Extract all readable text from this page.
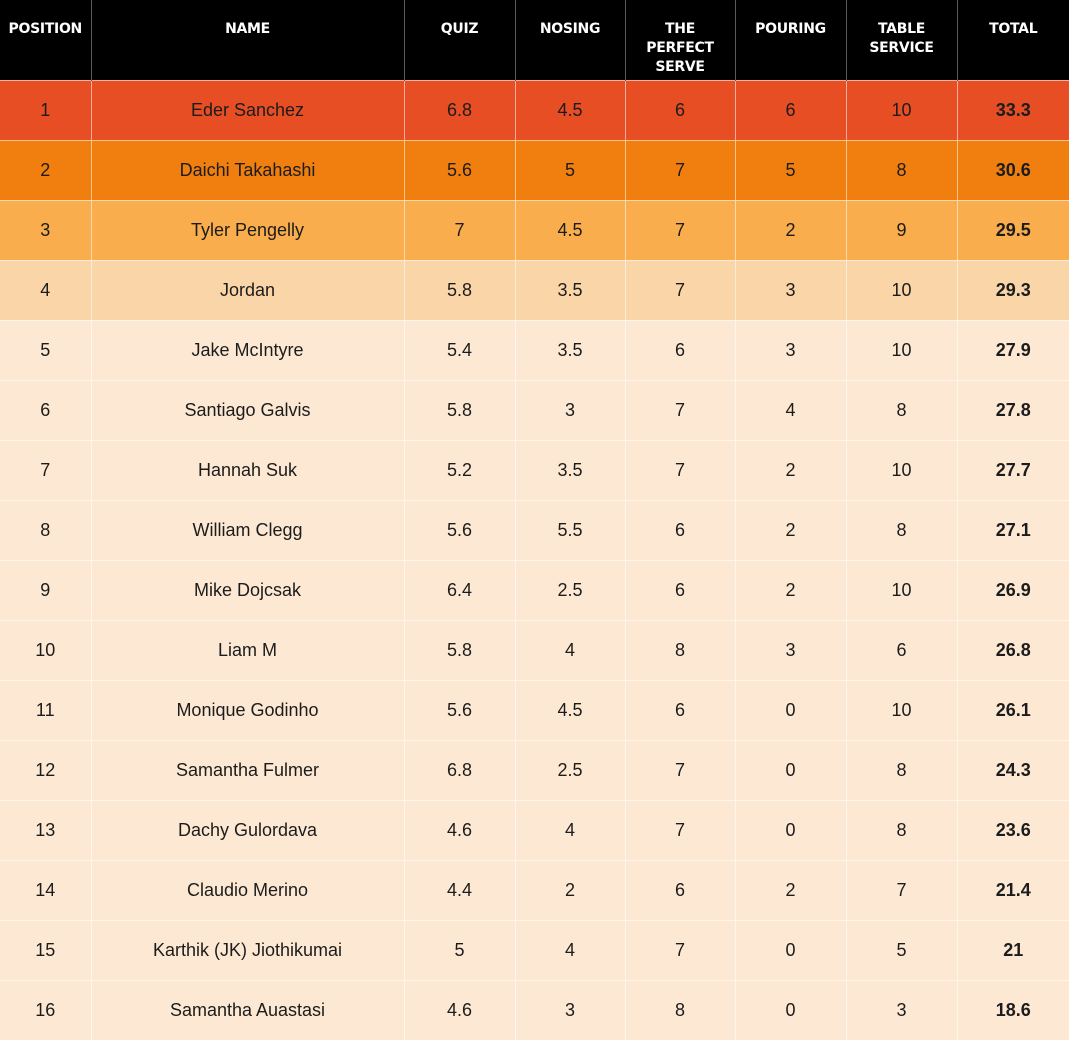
POSITION	NAME	QUIZ	NOSING	THE PERFECT SERVE	POURING	TABLE SERVICE	TOTAL
1	Eder Sanchez	6.8	4.5	6	6	10	33.3
2	Daichi Takahashi	5.6	5	7	5	8	30.6
3	Tyler Pengelly	7	4.5	7	2	9	29.5
4	Jordan	5.8	3.5	7	3	10	29.3
5	Jake McIntyre	5.4	3.5	6	3	10	27.9
6	Santiago Galvis	5.8	3	7	4	8	27.8
7	Hannah Suk	5.2	3.5	7	2	10	27.7
8	William Clegg	5.6	5.5	6	2	8	27.1
9	Mike Dojcsak	6.4	2.5	6	2	10	26.9
10	Liam M	5.8	4	8	3	6	26.8
11	Monique Godinho	5.6	4.5	6	0	10	26.1
12	Samantha Fulmer	6.8	2.5	7	0	8	24.3
13	Dachy Gulordava	4.6	4	7	0	8	23.6
14	Claudio Merino	4.4	2	6	2	7	21.4
15	Karthik (JK) Jiothikumai	5	4	7	0	5	21
16	Samantha Auastasi	4.6	3	8	0	3	18.6
